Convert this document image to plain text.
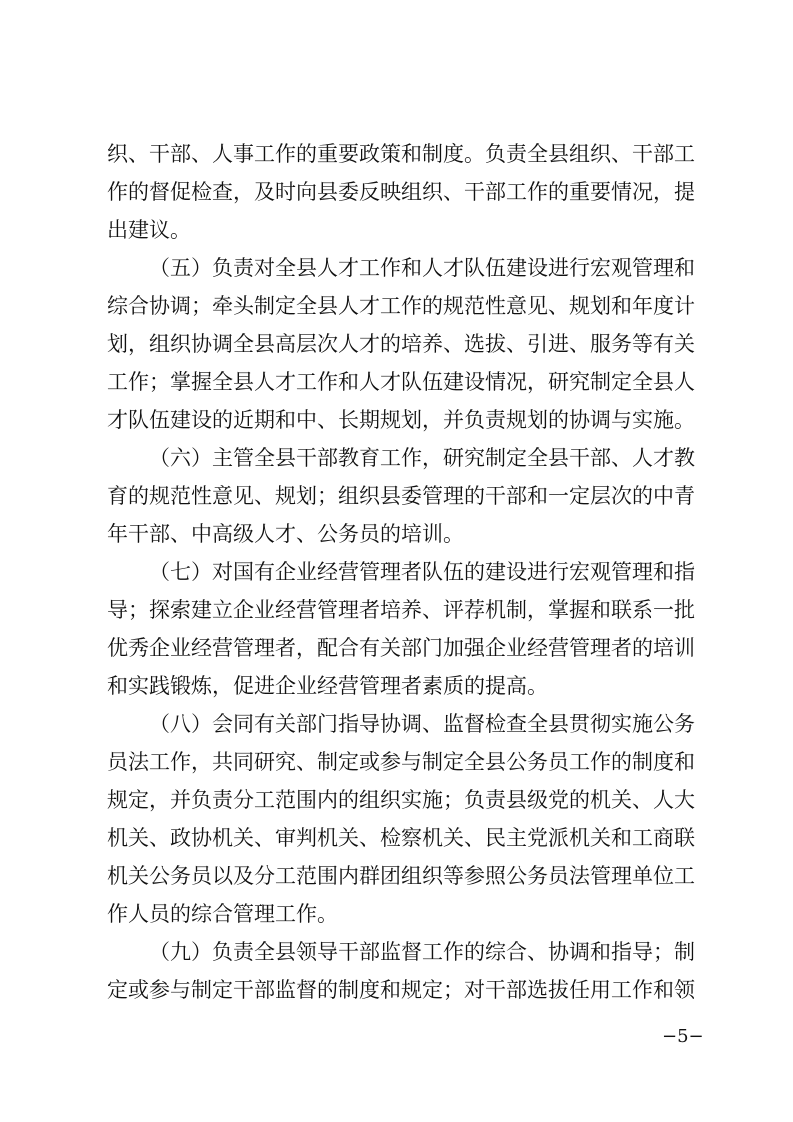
织、干部、人事工作的重要政策和制度。负责全县组织、干部工
作的督促检查，及时向县委反映组织、干部工作的重要情况，提
出建议。
（五）负责对全县人才工作和人才队伍建设进行宏观管理和
综合协调；牵头制定全县人才工作的规范性意见、规划和年度计
划，组织协调全县高层次人才的培养、选拔、引进、服务等有关
工作；掌握全县人才工作和人才队伍建设情况，研究制定全县人
才队伍建设的近期和中、长期规划，并负责规划的协调与实施。
（六）主管全县干部教育工作，研究制定全县干部、人才教
育的规范性意见、规划；组织县委管理的干部和一定层次的中青
年干部、中高级人才、公务员的培训。
（七）对国有企业经营管理者队伍的建设进行宏观管理和指
导；探索建立企业经营管理者培养、评荐机制，掌握和联系一批
优秀企业经营管理者，配合有关部门加强企业经营管理者的培训
和实践锻炼，促进企业经营管理者素质的提高。
（八）会同有关部门指导协调、监督检查全县贯彻实施公务
员法工作，共同研究、制定或参与制定全县公务员工作的制度和
规定，并负责分工范围内的组织实施；负责县级党的机关、人大
机关、政协机关、审判机关、检察机关、民主党派机关和工商联
机关公务员以及分工范围内群团组织等参照公务员法管理单位工
作人员的综合管理工作。
（九）负责全县领导干部监督工作的综合、协调和指导；制
定或参与制定干部监督的制度和规定；对干部选拔任用工作和领
−5−
